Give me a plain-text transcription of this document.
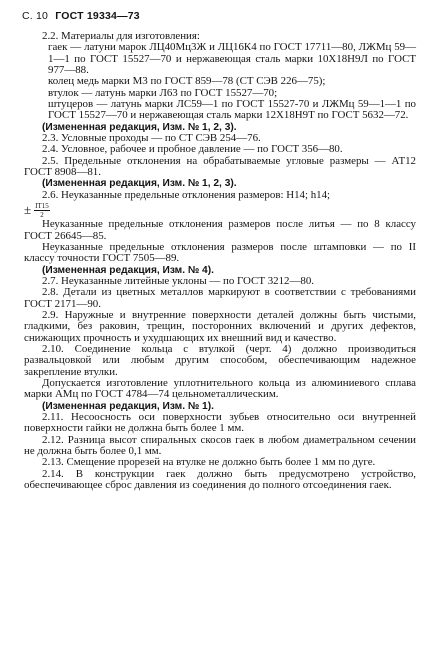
С. 10 ГОСТ 19334—73

2.2. Материалы для изготовления:

гаек — латуни марок ЛЦ40Мц3Ж и ЛЦ16К4 по ГОСТ 17711—80, ЛЖМц 59—1—1 по ГОСТ 15527—70 и нержавеющая сталь марки 10Х18Н9Л по ГОСТ 977—88.

колец медь марки М3 по ГОСТ 859—78 (СТ СЭВ 226—75);

втулок — латунь марки Л63 по ГОСТ 15527—70;

штуцеров — латунь марки ЛС59—1 по ГОСТ 15527-70 и ЛЖМц 59—1—1 по ГОСТ 15527—70 и нержавеющая сталь марки 12Х18Н9Т по ГОСТ 5632—72.

(Измененная редакция, Изм. № 1, 2, 3).

2.3. Условные проходы — по СТ СЭВ 254—76.

2.4. Условное, рабочее и пробное давление — по ГОСТ 356—80.

2.5. Предельные отклонения на обрабатываемые угловые размеры — АТ12 ГОСТ 8908—81.

(Измененная редакция, Изм. № 1, 2, 3).

2.6. Неуказанные предельные отклонения размеров: Н14; h14;

± $\frac{IT15}{2}$

Неуказанные предельные отклонения размеров после литья — по 8 классу ГОСТ 26645—85.

Неуказанные предельные отклонения размеров после штамповки — по II классу точности ГОСТ 7505—89.

(Измененная редакция, Изм. № 4).

2.7. Неуказанные литейные уклоны — по ГОСТ 3212—80.

2.8. Детали из цветных металлов маркируют в соответствии с требованиями ГОСТ 2171—90.

2.9. Наружные и внутренние поверхности деталей должны быть чистыми, гладкими, без раковин, трещин, посторонних включений и других дефектов, снижающих прочность и ухудшающих их внешний вид и качество.

2.10. Соединение кольца с втулкой (черт. 4) должно производиться развальцовкой или любым другим способом, обеспечивающим надежное закрепление втулки.

Допускается изготовление уплотнительного кольца из алюминиевого сплава марки АМц по ГОСТ 4784—74 цельнометаллическим.

(Измененная редакция, Изм. № 1).

2.11. Несоосность оси поверхности зубьев относительно оси внутренней поверхности гайки не должна быть более 1 мм.

2.12. Разница высот спиральных скосов гаек в любом диаметральном сечении не должна быть более 0,1 мм.

2.13. Смещение прорезей на втулке не должно быть более 1 мм по дуге.

2.14. В конструкции гаек должно быть предусмотрено устройство, обеспечивающее сброс давления из соединения до полного отсоединения гаек.
